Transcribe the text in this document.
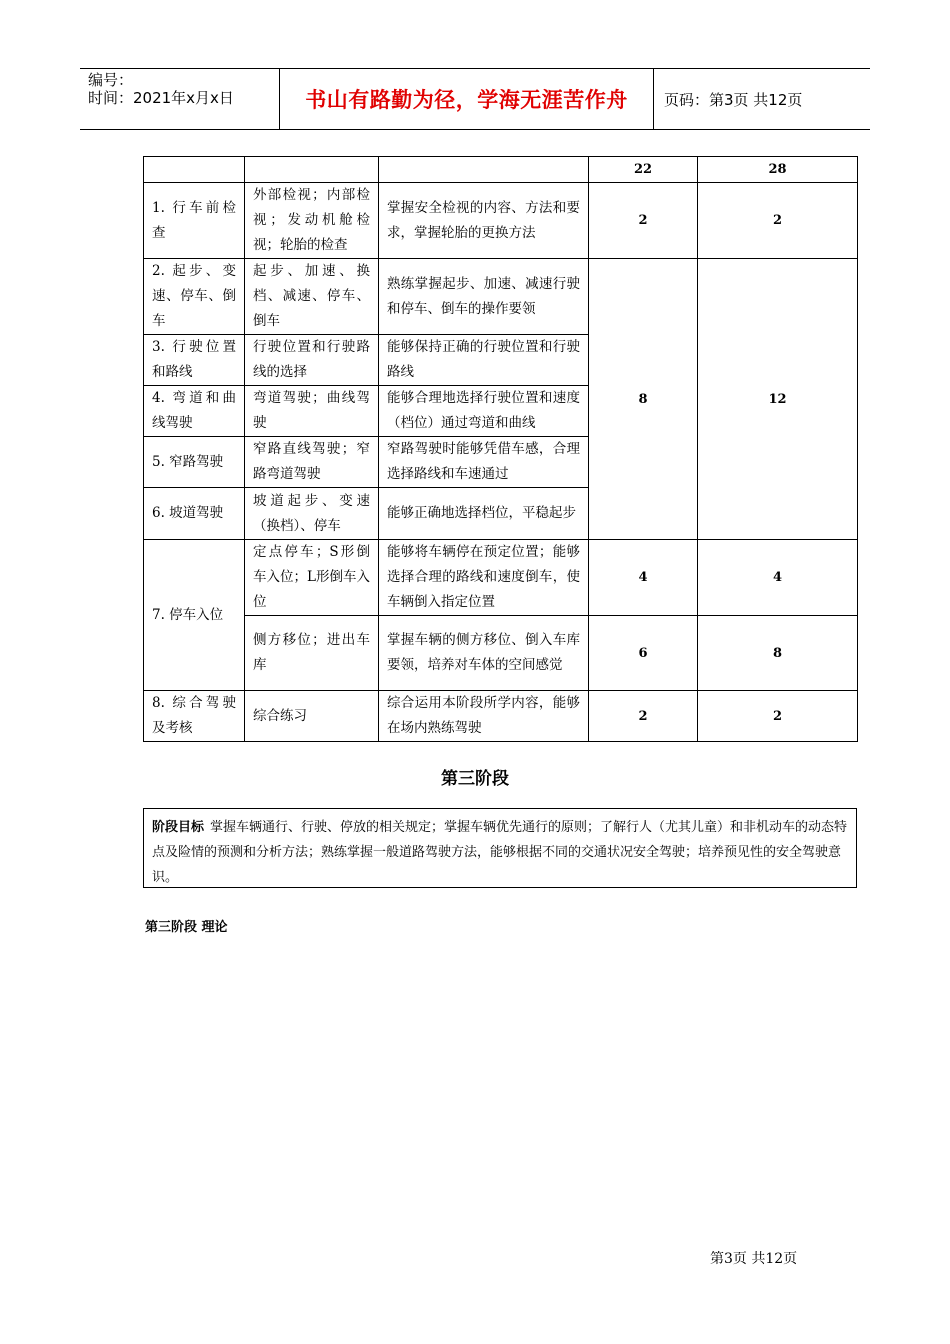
编号：
时间：2021年x月x日	书山有路勤为径，学海无涯苦作舟	页码：第3页 共12页
			22	28
1. 行车前检查	外部检视；内部检视；发动机舱检视；轮胎的检查	掌握安全检视的内容、方法和要求，掌握轮胎的更换方法	2	2
2. 起步、变速、停车、倒车	起步、加速、换档、减速、停车、倒车	熟练掌握起步、加速、减速行驶和停车、倒车的操作要领	8	12
3. 行驶位置和路线	行驶位置和行驶路线的选择	能够保持正确的行驶位置和行驶路线		
4. 弯道和曲线驾驶	弯道驾驶；曲线驾驶	能够合理地选择行驶位置和速度（档位）通过弯道和曲线		
5. 窄路驾驶	窄路直线驾驶；窄路弯道驾驶	窄路驾驶时能够凭借车感，合理选择路线和车速通过		
6. 坡道驾驶	坡道起步、变速（换档）、停车	能够正确地选择档位，平稳起步		
7. 停车入位	定点停车；S形倒车入位；L形倒车入位	能够将车辆停在预定位置；能够选择合理的路线和速度倒车，使车辆倒入指定位置	4	4
	侧方移位；进出车库	掌握车辆的侧方移位、倒入车库要领，培养对车体的空间感觉	6	8
8. 综合驾驶及考核	综合练习	综合运用本阶段所学内容，能够在场内熟练驾驶	2	2
第三阶段
阶段目标 掌握车辆通行、行驶、停放的相关规定；掌握车辆优先通行的原则；了解行人（尤其儿童）和非机动车的动态特点及险情的预测和分析方法；熟练掌握一般道路驾驶方法，能够根据不同的交通状况安全驾驶；培养预见性的安全驾驶意识。
第三阶段 理论
第3页 共12页
